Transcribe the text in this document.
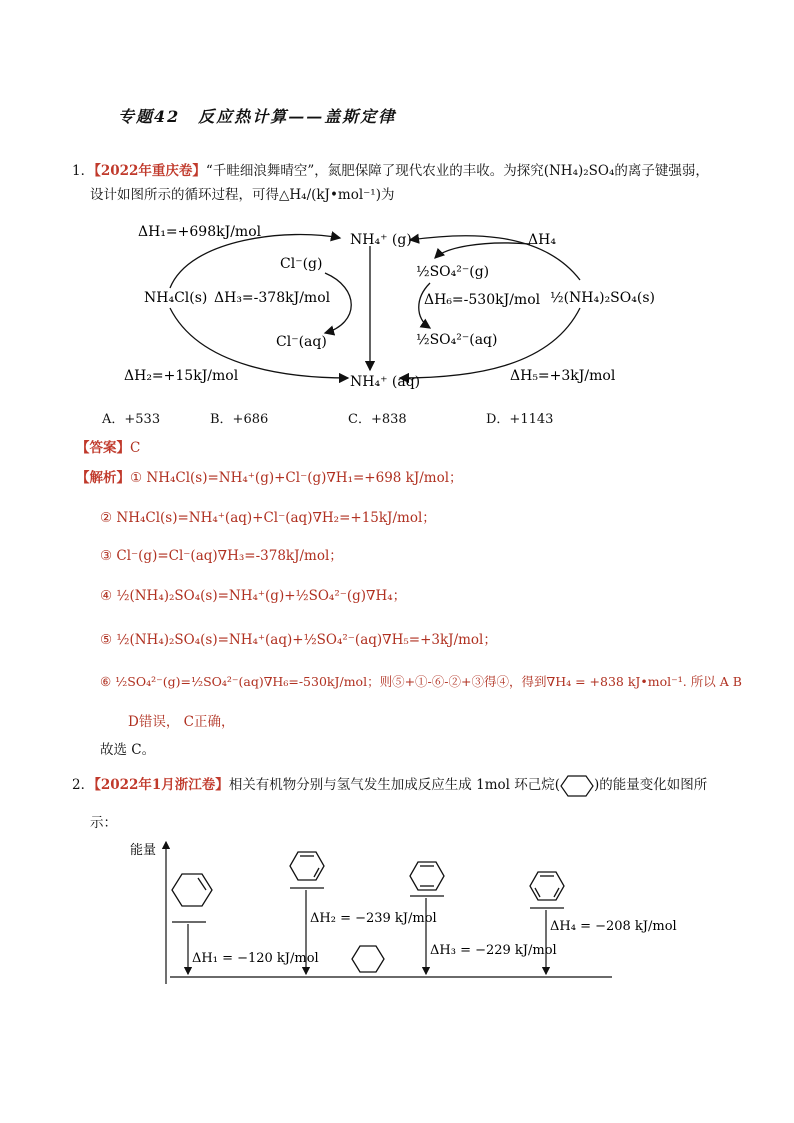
专题42　反应热计算——盖斯定律
1．【2022年重庆卷】“千畦细浪舞晴空”，氮肥保障了现代农业的丰收。为探究(NH₄)₂SO₄的离子键强弱，
设计如图所示的循环过程，可得△H₄/(kJ•mol⁻¹)为
ΔH₁=+698kJ/mol	NH₄⁺ (g)	ΔH₄
Cl⁻(g)	½SO₄²⁻(g)
NH₄Cl(s) ΔH₃=-378kJ/mol	ΔH₆=-530kJ/mol ½(NH₄)₂SO₄(s)
Cl⁻(aq)	½SO₄²⁻(aq)
ΔH₂=+15kJ/mol	NH₄⁺ (aq)	ΔH₅=+3kJ/mol
A．+533	B．+686	C．+838	D．+1143
【答案】C
【解析】① NH₄Cl(s)=NH₄⁺(g)+Cl⁻(g)∇H₁=+698 kJ/mol；
② NH₄Cl(s)=NH₄⁺(aq)+Cl⁻(aq)∇H₂=+15kJ/mol；
③ Cl⁻(g)=Cl⁻(aq)∇H₃=-378kJ/mol；
④ ½(NH₄)₂SO₄(s)=NH₄⁺(g)+½SO₄²⁻(g)∇H₄；
⑤ ½(NH₄)₂SO₄(s)=NH₄⁺(aq)+½SO₄²⁻(aq)∇H₅=+3kJ/mol；
⑥ ½SO₄²⁻(g)=½SO₄²⁻(aq)∇H₆=-530kJ/mol；则⑤+①-⑥-②+③得④，得到∇H₄ = +838 kJ•mol⁻¹. 所以 A B
D错误， C正确，
故选 C。
2．【2022年1月浙江卷】相关有机物分别与氢气发生加成反应生成 1mol 环己烷(	)的能量变化如图所
示：
能量
ΔH₁ = −120 kJ/mol
ΔH₂ = −239 kJ/mol
ΔH₃ = −229 kJ/mol
ΔH₄ = −208 kJ/mol
